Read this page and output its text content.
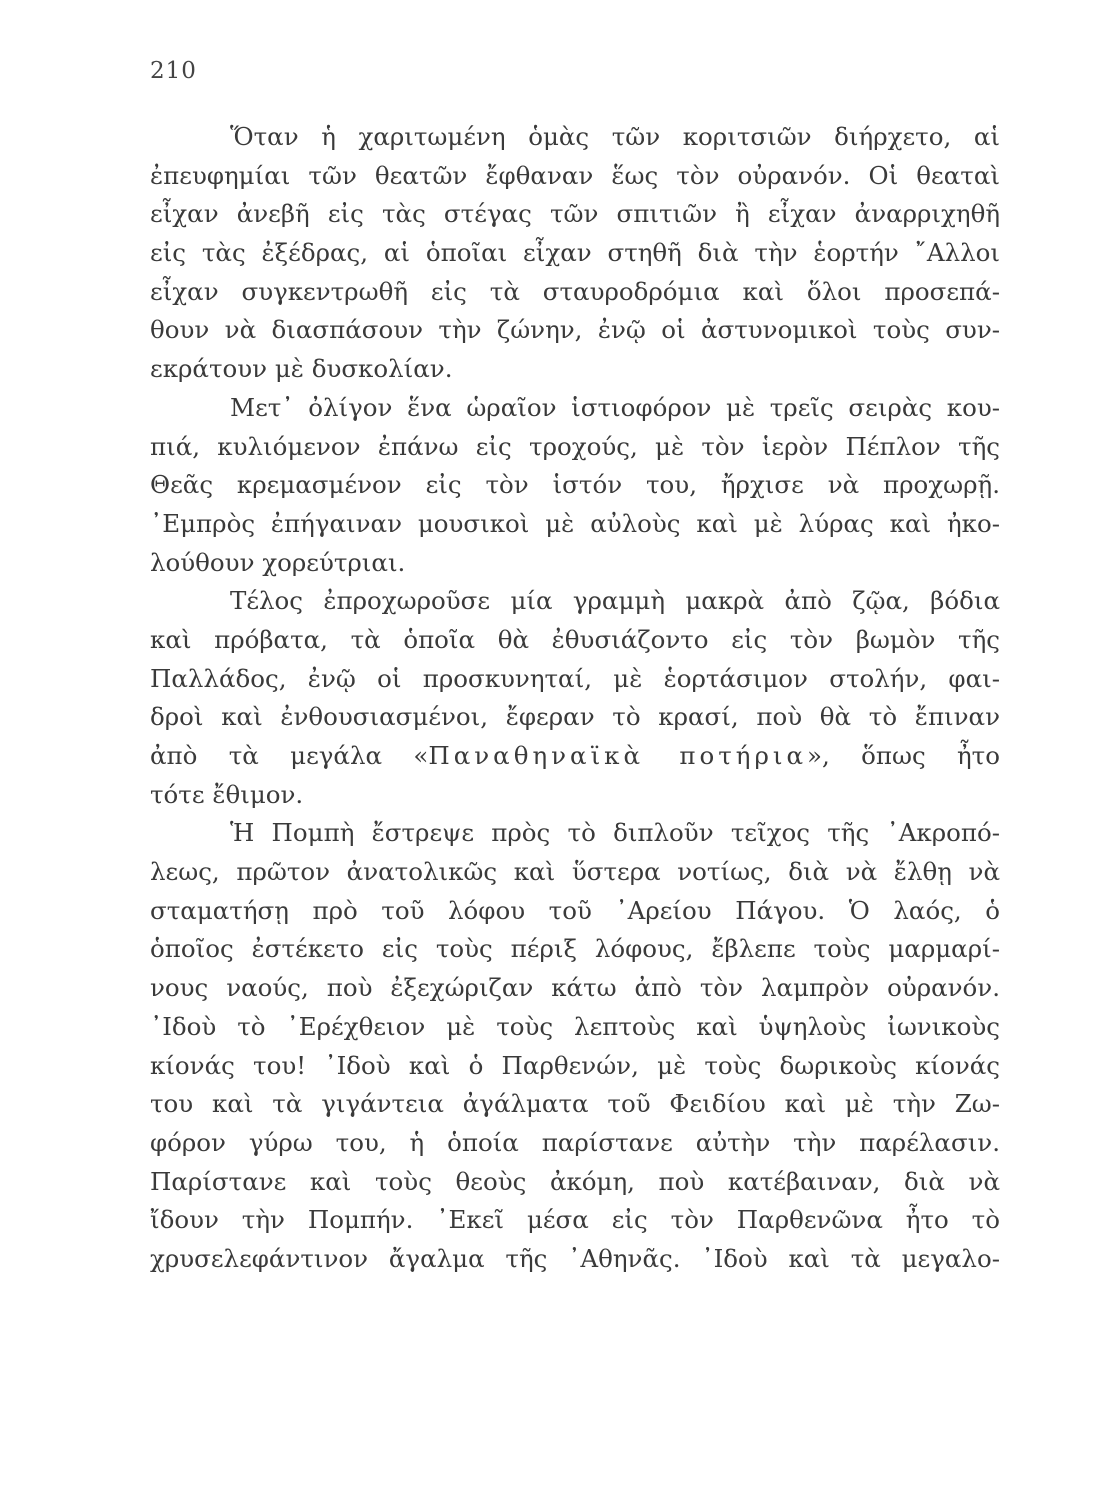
210
Ὅταν ἡ χαριτωμένη ὁμὰς τῶν κοριτσιῶν διήρχετο, αἱ
ἐπευφημίαι τῶν θεατῶν ἔφθαναν ἕως τὸν οὐρανόν. Οἱ θεαταὶ
εἶχαν ἀνεβῆ εἰς τὰς στέγας τῶν σπιτιῶν ἢ εἶχαν ἀναρριχηθῆ
εἰς τὰς ἐξέδρας, αἱ ὁποῖαι εἶχαν στηθῆ διὰ τὴν ἑορτήν ῎Αλλοι
εἶχαν συγκεντρωθῆ εἰς τὰ σταυροδρόμια καὶ ὅλοι προσεπά-
θουν νὰ διασπάσουν τὴν ζώνην, ἐνῷ οἱ ἀστυνομικοὶ τοὺς συν-
εκράτουν μὲ δυσκολίαν.
Μετ᾽ ὀλίγον ἕνα ὡραῖον ἱστιοφόρον μὲ τρεῖς σειρὰς κου-
πιά, κυλιόμενον ἐπάνω εἰς τροχούς, μὲ τὸν ἱερὸν Πέπλον τῆς
Θεᾶς κρεμασμένον εἰς τὸν ἱστόν του, ἤρχισε νὰ προχωρῇ.
᾿Εμπρὸς ἐπήγαιναν μουσικοὶ μὲ αὐλοὺς καὶ μὲ λύρας καὶ ἠκο-
λούθουν χορεύτριαι.
Τέλος ἐπροχωροῦσε μία γραμμὴ μακρὰ ἀπὸ ζῷα, βόδια
καὶ πρόβατα, τὰ ὁποῖα θὰ ἐθυσιάζοντο εἰς τὸν βωμὸν τῆς
Παλλάδος, ἐνῷ οἱ προσκυνηταί, μὲ ἑορτάσιμον στολήν, φαι-
δροὶ καὶ ἐνθουσιασμένοι, ἔφεραν τὸ κρασί, ποὺ θὰ τὸ ἔπιναν
ἀπὸ τὰ μεγάλα «Παναθηναϊκὰ ποτήρια», ὅπως ἦτο
τότε ἔθιμον.
Ἡ Πομπὴ ἔστρεψε πρὸς τὸ διπλοῦν τεῖχος τῆς ᾿Ακροπό-
λεως, πρῶτον ἀνατολικῶς καὶ ὕστερα νοτίως, διὰ νὰ ἔλθῃ νὰ
σταματήσῃ πρὸ τοῦ λόφου τοῦ ᾿Αρείου Πάγου. Ὁ λαός, ὁ
ὁποῖος ἐστέκετο εἰς τοὺς πέριξ λόφους, ἔβλεπε τοὺς μαρμαρί-
νους ναούς, ποὺ ἐξεχώριζαν κάτω ἀπὸ τὸν λαμπρὸν οὐρανόν.
᾿Ιδοὺ τὸ ᾿Ερέχθειον μὲ τοὺς λεπτοὺς καὶ ὑψηλοὺς ἰωνικοὺς
κίονάς του! ᾿Ιδοὺ καὶ ὁ Παρθενών, μὲ τοὺς δωρικοὺς κίονάς
του καὶ τὰ γιγάντεια ἀγάλματα τοῦ Φειδίου καὶ μὲ τὴν Ζω-
φόρον γύρω του, ἡ ὁποία παρίστανε αὐτὴν τὴν παρέλασιν.
Παρίστανε καὶ τοὺς θεοὺς ἀκόμη, ποὺ κατέβαιναν, διὰ νὰ
ἴδουν τὴν Πομπήν. ᾿Εκεῖ μέσα εἰς τὸν Παρθενῶνα ἦτο τὸ
χρυσελεφάντινον ἄγαλμα τῆς ᾿Αθηνᾶς. ᾿Ιδοὺ καὶ τὰ μεγαλο-
